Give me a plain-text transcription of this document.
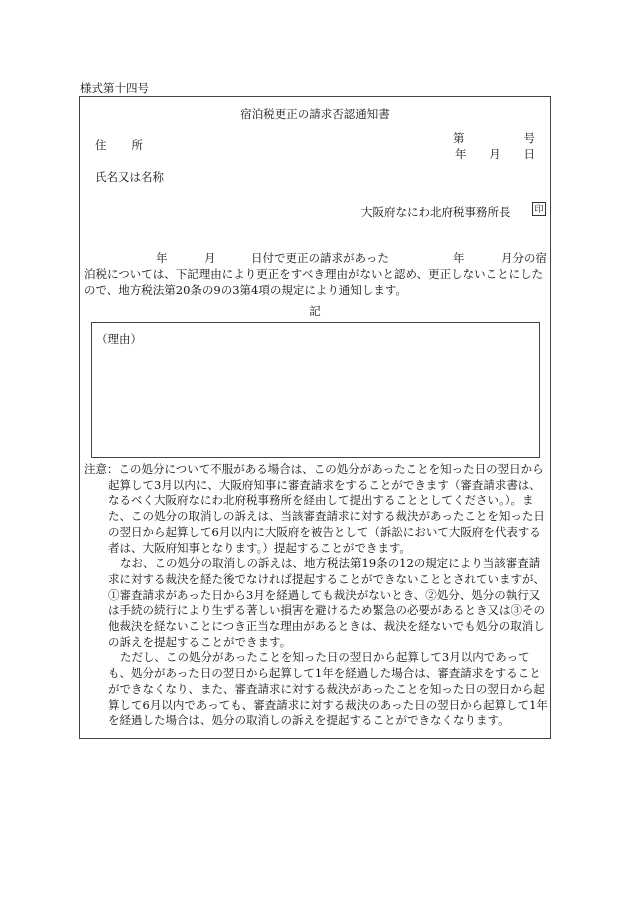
様式第十四号
宿泊税更正の請求否認通知書
住 所	第	号
年 月 日
氏名又は名称
大阪府なにわ北府税事務所長	印
年	月	日付で更正の請求があった	年	月分の宿
泊税については、下記理由により更正をすべき理由がないと認め、更正しないことにした
ので、地方税法第20条の9の3第4項の規定により通知します。
記
（理由）
注意：この処分について不服がある場合は、この処分があったことを知った日の翌日から
起算して3月以内に、大阪府知事に審査請求をすることができます（審査請求書は、なるべく大阪府なにわ北府税事務所を経由して提出することとしてください。）。また、この処分の取消しの訴えは、当該審査請求に対する裁決があったことを知った日の翌日から起算して6月以内に大阪府を被告として（訴訟において大阪府を代表する者は、大阪府知事となります。）提起することができます。
なお、この処分の取消しの訴えは、地方税法第19条の12の規定により当該審査請求に対する裁決を経た後でなければ提起することができないこととされていますが、①審査請求があった日から3月を経過しても裁決がないとき、②処分、処分の執行又は手続の続行により生ずる著しい損害を避けるため緊急の必要があるとき又は③その他裁決を経ないことにつき正当な理由があるときは、裁決を経ないでも処分の取消しの訴えを提起することができます。
ただし、この処分があったことを知った日の翌日から起算して3月以内であっても、処分があった日の翌日から起算して1年を経過した場合は、審査請求をすることができなくなり、また、審査請求に対する裁決があったことを知った日の翌日から起算して6月以内であっても、審査請求に対する裁決のあった日の翌日から起算して1年を経過した場合は、処分の取消しの訴えを提起することができなくなります。
